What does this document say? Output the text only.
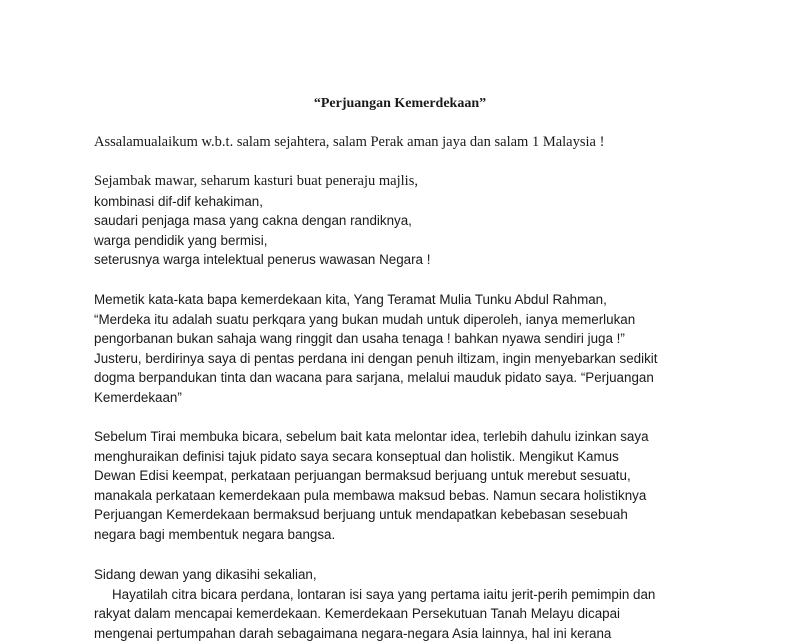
“Perjuangan Kemerdekaan”
Assalamualaikum w.b.t. salam sejahtera, salam Perak aman jaya dan salam 1 Malaysia !
Sejambak mawar, seharum kasturi buat peneraju majlis,
kombinasi dif-dif kehakiman,
saudari penjaga masa yang cakna dengan randiknya,
warga pendidik yang bermisi,
seterusnya warga intelektual penerus wawasan Negara !
Memetik kata-kata bapa kemerdekaan kita, Yang Teramat Mulia Tunku Abdul Rahman,
“Merdeka itu adalah suatu perkqara yang bukan mudah untuk diperoleh, ianya memerlukan
pengorbanan bukan sahaja wang ringgit dan usaha tenaga ! bahkan nyawa sendiri juga !”
Justeru, berdirinya saya di pentas perdana ini dengan penuh iltizam, ingin menyebarkan sedikit
dogma berpandukan tinta dan wacana para sarjana, melalui mauduk pidato saya. “Perjuangan
Kemerdekaan”
Sebelum Tirai membuka bicara, sebelum bait kata melontar idea, terlebih dahulu izinkan saya
menghuraikan definisi tajuk pidato saya secara konseptual dan holistik. Mengikut Kamus
Dewan Edisi keempat, perkataan perjuangan bermaksud berjuang untuk merebut sesuatu,
manakala perkataan kemerdekaan pula membawa maksud bebas. Namun secara holistiknya
Perjuangan Kemerdekaan bermaksud berjuang untuk mendapatkan kebebasan sesebuah
negara bagi membentuk negara bangsa.
Sidang dewan yang dikasihi sekalian,
Hayatilah citra bicara perdana, lontaran isi saya yang pertama iaitu jerit-perih pemimpin dan
rakyat dalam mencapai kemerdekaan. Kemerdekaan Persekutuan Tanah Melayu dicapai
mengenai pertumpahan darah sebagaimana negara-negara Asia lainnya, hal ini kerana
